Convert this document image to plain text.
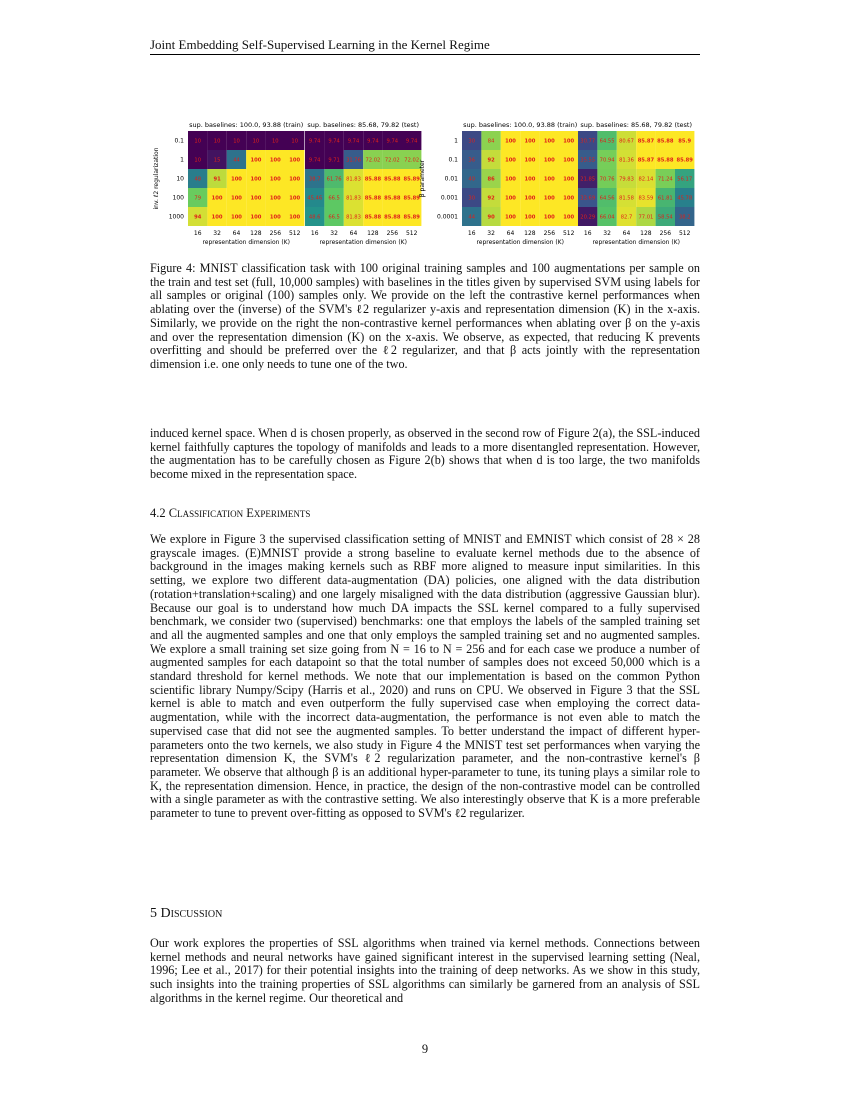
Joint Embedding Self-Supervised Learning in the Kernel Regime
sup. baselines: 100.0, 93.88 (train)
10 10 10 10 10 10
10 15 44 100 100 100
48 91 100 100 100 100
79 100 100 100 100 100
94 100 100 100 100 100
16 32 64 128 256 512
representation dimension (K)
0.1
1
10
100
1000
inv. ℓ2 regularization
sup. baselines: 85.68, 79.82 (test)
9.74 9.74 9.74 9.74 9.74 9.74
9.74 9.71 31.76 72.02 72.02 72.02
38.7 61.76 81.83 85.88 85.88 85.89
45.46 66.5 81.83 85.88 85.88 85.89
48.6 66.5 81.83 85.88 85.88 85.89
16 32 64 128 256 512
representation dimension (K)
sup. baselines: 100.0, 93.88 (train)
30 84 100 100 100 100
36 92 100 100 100 100
40 86 100 100 100 100
30 92 100 100 100 100
44 90 100 100 100 100
16 32 64 128 256 512
representation dimension (K)
1
0.1
0.01
0.001
0.0001
β parameter
sup. baselines: 85.68, 79.82 (test)
30.77 64.55 80.67 85.87 85.88 85.9
35.55 70.94 81.36 85.87 85.88 85.89
21.85 70.76 79.83 82.14 71.24 56.17
33.69 64.56 81.58 83.59 61.81 45.78
20.29 66.04 82.7 77.01 58.54 38.2
16 32 64 128 256 512
representation dimension (K)
Figure 4: MNIST classification task with 100 original training samples and 100 augmentations per sample on the train and test set (full, 10,000 samples) with baselines in the titles given by supervised SVM using labels for all samples or original (100) samples only. We provide on the left the contrastive kernel performances when ablating over the (inverse) of the SVM's ℓ2 regularizer y-axis and representation dimension (K) in the x-axis. Similarly, we provide on the right the non-contrastive kernel performances when ablating over β on the y-axis and over the representation dimension (K) on the x-axis. We observe, as expected, that reducing K prevents overfitting and should be preferred over the ℓ2 regularizer, and that β acts jointly with the representation dimension i.e. one only needs to tune one of the two.
induced kernel space. When d is chosen properly, as observed in the second row of Figure 2(a), the SSL-induced kernel faithfully captures the topology of manifolds and leads to a more disentangled representation. However, the augmentation has to be carefully chosen as Figure 2(b) shows that when d is too large, the two manifolds become mixed in the representation space.
4.2 Classification Experiments
We explore in Figure 3 the supervised classification setting of MNIST and EMNIST which consist of 28 × 28 grayscale images. (E)MNIST provide a strong baseline to evaluate kernel methods due to the absence of background in the images making kernels such as RBF more aligned to measure input similarities. In this setting, we explore two different data-augmentation (DA) policies, one aligned with the data distribution (rotation+translation+scaling) and one largely misaligned with the data distribution (aggressive Gaussian blur). Because our goal is to understand how much DA impacts the SSL kernel compared to a fully supervised benchmark, we consider two (supervised) benchmarks: one that employs the labels of the sampled training set and all the augmented samples and one that only employs the sampled training set and no augmented samples. We explore a small training set size going from N = 16 to N = 256 and for each case we produce a number of augmented samples for each datapoint so that the total number of samples does not exceed 50,000 which is a standard threshold for kernel methods. We note that our implementation is based on the common Python scientific library Numpy/Scipy (Harris et al., 2020) and runs on CPU. We observed in Figure 3 that the SSL kernel is able to match and even outperform the fully supervised case when employing the correct data-augmentation, while with the incorrect data-augmentation, the performance is not even able to match the supervised case that did not see the augmented samples. To better understand the impact of different hyper-parameters onto the two kernels, we also study in Figure 4 the MNIST test set performances when varying the representation dimension K, the SVM's ℓ2 regularization parameter, and the non-contrastive kernel's β parameter. We observe that although β is an additional hyper-parameter to tune, its tuning plays a similar role to K, the representation dimension. Hence, in practice, the design of the non-contrastive model can be controlled with a single parameter as with the contrastive setting. We also interestingly observe that K is a more preferable parameter to tune to prevent over-fitting as opposed to SVM's ℓ2 regularizer.
5 Discussion
Our work explores the properties of SSL algorithms when trained via kernel methods. Connections between kernel methods and neural networks have gained significant interest in the supervised learning setting (Neal, 1996; Lee et al., 2017) for their potential insights into the training of deep networks. As we show in this study, such insights into the training properties of SSL algorithms can similarly be garnered from an analysis of SSL algorithms in the kernel regime. Our theoretical and
9
